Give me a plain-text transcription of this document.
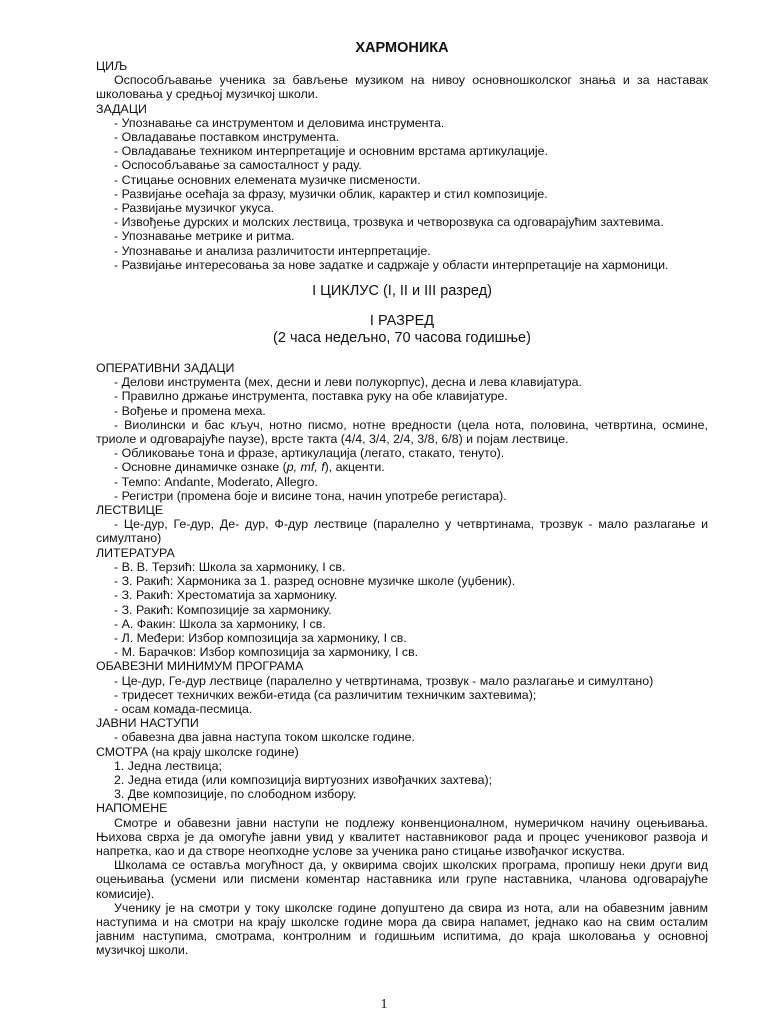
ХАРМОНИКА
ЦИЉ
Оспособљавање ученика за бављење музиком на нивоу основношколског знања и за наставак школовања у средњој музичкој школи.
ЗАДАЦИ
- Упознавање са инструментом и деловима инструмента.
- Овладавање поставком инструмента.
- Овладавање техником интерпретације и основним врстама артикулације.
- Оспособљавање за самосталност у раду.
- Стицање основних елемената музичке писмености.
- Развијање осећаја за фразу, музички облик, карактер и стил композиције.
- Развијање музичког укуса.
- Извођење дурских и молских лествица, трозвука и четворозвука са одговарајућим захтевима.
- Упознавање метрике и ритма.
- Упознавање и анализа различитости интерпретације.
- Развијање интересовања за нове задатке и садржаје у области интерпретације на хармоници.
I ЦИКЛУС (I, II и III разред)
I РАЗРЕД
(2 часа недељно, 70 часова годишње)
ОПЕРАТИВНИ ЗАДАЦИ
- Делови инструмента (мех, десни и леви полукорпус), десна и лева клавијатура.
- Правилно држање инструмента, поставка руку на обе клавијатуре.
- Вођење и промена меха.
- Виолински и бас кључ, нотно писмо, нотне вредности (цела нота, половина, четвртина, осмине, триоле и одговарајуће паузе), врсте такта (4/4, 3/4, 2/4, 3/8, 6/8) и појам лествице.
- Обликовање тона и фразе, артикулација (легато, стакато, тенуто).
- Основне динамичке ознаке (p, mf, f), акценти.
- Темпо: Andante, Moderato, Allegro.
- Регистри (промена боје и висине тона, начин употребе регистара).
ЛЕСТВИЦЕ
- Це-дур, Ге-дур, Де- дур, Ф-дур лествице (паралелно у четвртинама, трозвук - мало разлагање и симултано)
ЛИТЕРАТУРА
- В. В. Терзић: Школа за хармонику, I св.
- З. Ракић: Хармоника за 1. разред основне музичке школе (уџбеник).
- З. Ракић: Хрестоматија за хармонику.
- З. Ракић: Композиције за хармонику.
- А. Факин: Школа за хармонику, I св.
- Л. Međери: Избор композиција за хармонику, I св.
- М. Барачков: Избор композиција за хармонику, I св.
ОБАВЕЗНИ МИНИМУМ ПРОГРАМА
- Це-дур, Ге-дур лествице (паралелно у четвртинама, трозвук - мало разлагање и симултано)
- тридесет техничких вежби-етида (са различитим техничким захтевима);
- осам комада-песмица.
ЈАВНИ НАСТУПИ
- обавезна два јавна наступа током школске године.
СМОТРА (на крају школске године)
1. Једна лествица;
2. Једна етида (или композиција виртуозних извођачких захтева);
3. Две композиције, по слободном избору.
НАПОМЕНЕ
Смотре и обавезни јавни наступи не подлежу конвенционалном, нумеричком начину оцењивања. Њихова сврха је да омогуће јавни увид у квалитет наставниковог рада и процес учениковог развоја и напретка, као и да створе неопходне услове за ученика рано стицање извођачког искуства.
Школама се оставља могућност да, у оквирима својих школских програма, пропишу неки други вид оцењивања (усмени или писмени коментар наставника или групе наставника, чланова одговарајуће комисије).
Ученику је на смотри у току школске године допуштено да свира из нота, али на обавезним јавним наступима и на смотри на крају школске године мора да свира напамет, једнако као на свим осталим јавним наступима, смотрама, контролним и годишњим испитима, до краја школовања у основној музичкој школи.
1
